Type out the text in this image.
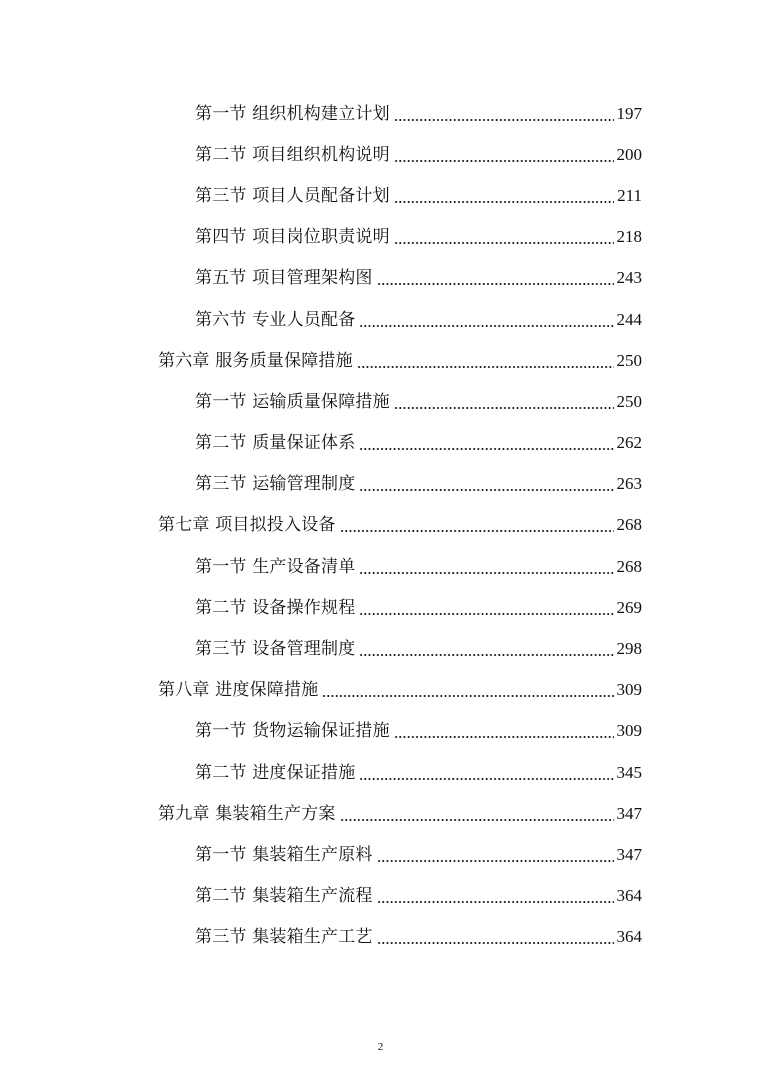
第一节 组织机构建立计划	197
第二节 项目组织机构说明	200
第三节 项目人员配备计划	211
第四节 项目岗位职责说明	218
第五节 项目管理架构图	243
第六节 专业人员配备	244
第六章 服务质量保障措施	250
第一节 运输质量保障措施	250
第二节 质量保证体系	262
第三节 运输管理制度	263
第七章 项目拟投入设备	268
第一节 生产设备清单	268
第二节 设备操作规程	269
第三节 设备管理制度	298
第八章 进度保障措施	309
第一节 货物运输保证措施	309
第二节 进度保证措施	345
第九章 集装箱生产方案	347
第一节 集装箱生产原料	347
第二节 集装箱生产流程	364
第三节 集装箱生产工艺	364
2
